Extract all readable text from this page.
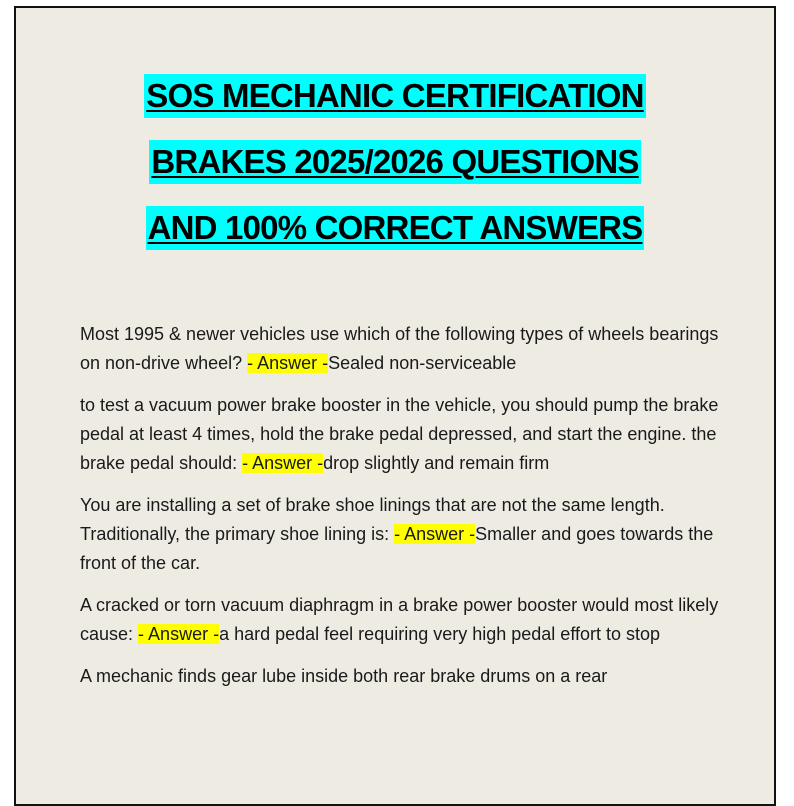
SOS MECHANIC CERTIFICATION
BRAKES 2025/2026 QUESTIONS
AND 100% CORRECT ANSWERS

Most 1995 & newer vehicles use which of the following types of wheels bearings on non-drive wheel? - Answer -Sealed non-serviceable

to test a vacuum power brake booster in the vehicle, you should pump the brake pedal at least 4 times, hold the brake pedal depressed, and start the engine. the brake pedal should: - Answer -drop slightly and remain firm

You are installing a set of brake shoe linings that are not the same length. Traditionally, the primary shoe lining is: - Answer -Smaller and goes towards the front of the car.

A cracked or torn vacuum diaphragm in a brake power booster would most likely cause: - Answer -a hard pedal feel requiring very high pedal effort to stop

A mechanic finds gear lube inside both rear brake drums on a rear
